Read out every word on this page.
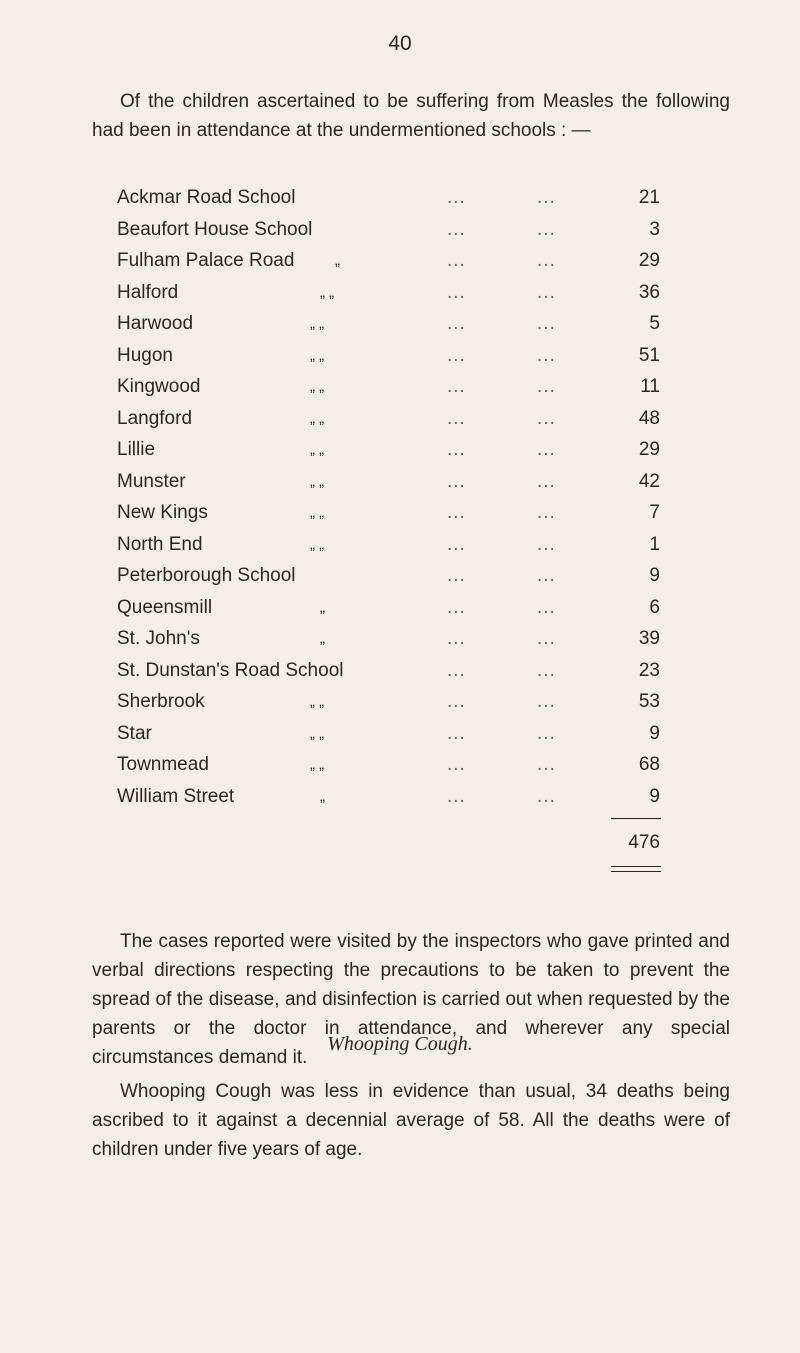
40
Of the children ascertained to be suffering from Measles the following had been in attendance at the undermentioned schools : —
Ackmar Road School	...	...	21
Beaufort House School	...	...	3
Fulham Palace Road	„	...	...	29
Halford	„ „	...	...	36
Harwood	„ „	...	...	5
Hugon	„ „	...	...	51
Kingwood	„ „	...	...	11
Langford	„ „	...	...	48
Lillie	„ „	...	...	29
Munster	„ „	...	...	42
New Kings	„ „	...	...	7
North End	„ „	...	...	1
Peterborough School	...	...	9
Queensmill	„	...	...	6
St. John's	„	...	...	39
St. Dunstan's Road School	...	...	23
Sherbrook	„ „	...	...	53
Star	„ „	...	...	9
Townmead	„ „	...	...	68
William Street	„	...	...	9
476
The cases reported were visited by the inspectors who gave printed and verbal directions respecting the precautions to be taken to prevent the spread of the disease, and disinfection is carried out when requested by the parents or the doctor in attendance, and wherever any special circumstances demand it.
Whooping Cough.
Whooping Cough was less in evidence than usual, 34 deaths being ascribed to it against a decennial average of 58. All the deaths were of children under five years of age.
